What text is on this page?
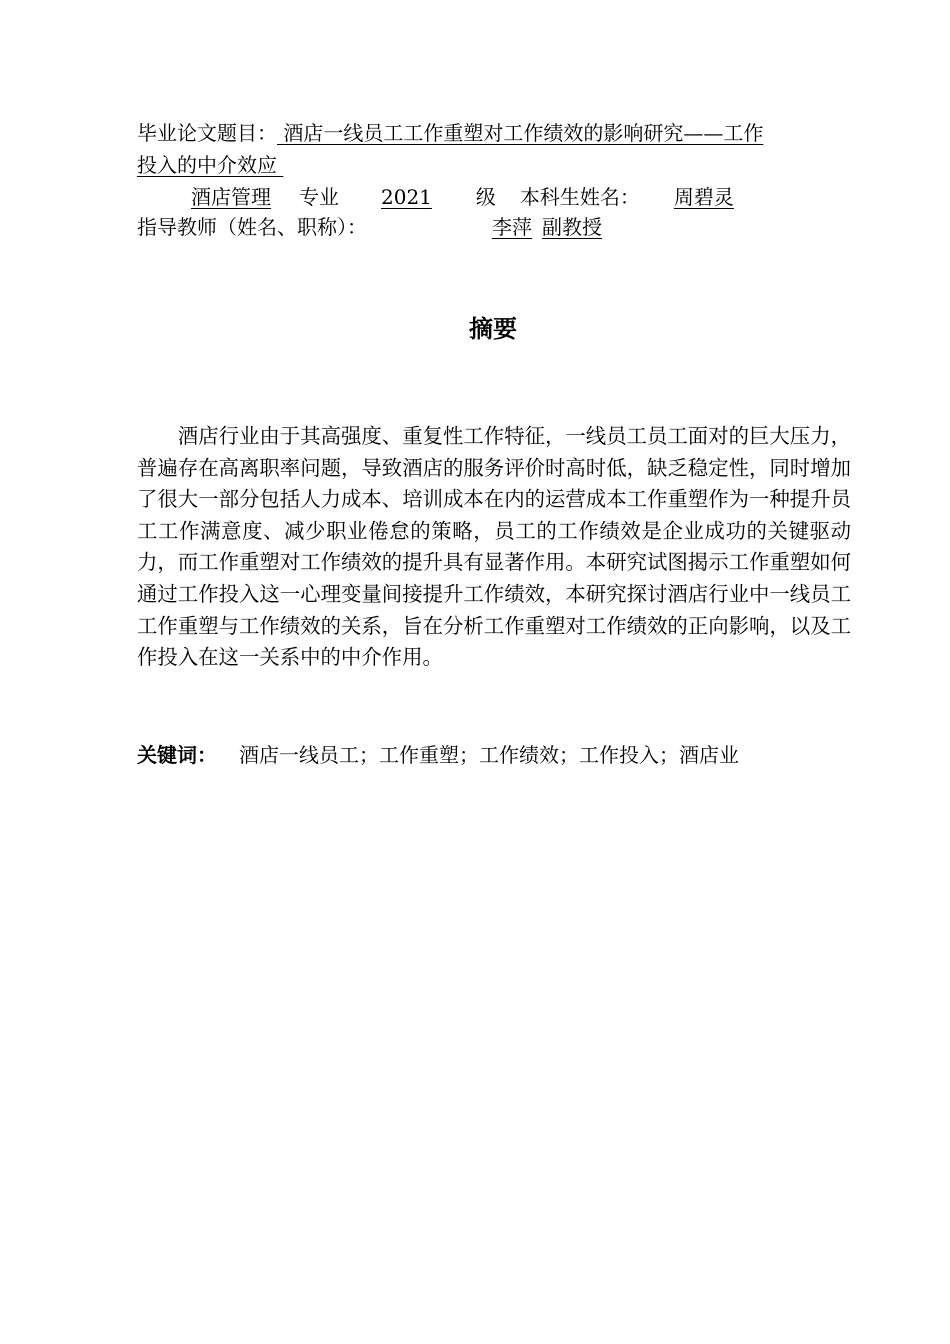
毕业论文题目： 酒店一线员工工作重塑对工作绩效的影响研究——工作
投入的中介效应
酒店管理 专业 2021 级 本科生姓名： 周碧灵
指导教师（姓名、职称）：	李萍 副教授
摘要

酒店行业由于其高强度、重复性工作特征，一线员工员工面对的巨大压力，普遍存在高离职率问题，导致酒店的服务评价时高时低，缺乏稳定性，同时增加了很大一部分包括人力成本、培训成本在内的运营成本工作重塑作为一种提升员工工作满意度、减少职业倦怠的策略，员工的工作绩效是企业成功的关键驱动力，而工作重塑对工作绩效的提升具有显著作用。本研究试图揭示工作重塑如何通过工作投入这一心理变量间接提升工作绩效，本研究探讨酒店行业中一线员工工作重塑与工作绩效的关系，旨在分析工作重塑对工作绩效的正向影响，以及工作投入在这一关系中的中介作用。

关键词： 酒店一线员工；工作重塑；工作绩效；工作投入；酒店业
